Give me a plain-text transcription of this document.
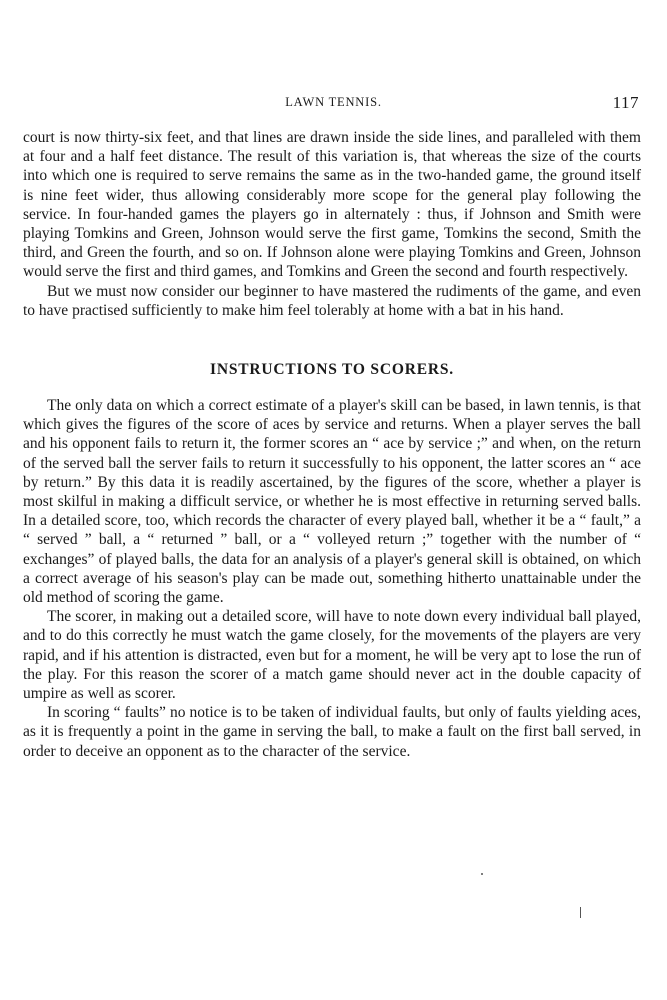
LAWN TENNIS.	117

court is now thirty-six feet, and that lines are drawn inside the side lines, and paralleled with them at four and a half feet distance. The result of this variation is, that whereas the size of the courts into which one is required to serve remains the same as in the two-handed game, the ground itself is nine feet wider, thus allowing considerably more scope for the general play following the service. In four-handed games the players go in alternately : thus, if Johnson and Smith were playing Tomkins and Green, Johnson would serve the first game, Tomkins the second, Smith the third, and Green the fourth, and so on. If Johnson alone were playing Tomkins and Green, Johnson would serve the first and third games, and Tomkins and Green the second and fourth respectively.

But we must now consider our beginner to have mastered the rudiments of the game, and even to have practised sufficiently to make him feel tolerably at home with a bat in his hand.

INSTRUCTIONS TO SCORERS.

The only data on which a correct estimate of a player's skill can be based, in lawn tennis, is that which gives the figures of the score of aces by service and returns. When a player serves the ball and his opponent fails to return it, the former scores an “ ace by service ;” and when, on the return of the served ball the server fails to return it successfully to his opponent, the latter scores an “ ace by return.” By this data it is readily ascertained, by the figures of the score, whether a player is most skilful in making a difficult service, or whether he is most effective in returning served balls. In a detailed score, too, which records the character of every played ball, whether it be a “ fault,” a “ served ” ball, a “ returned ” ball, or a “ volleyed return ;” together with the number of “ exchanges” of played balls, the data for an analysis of a player's general skill is obtained, on which a correct average of his season's play can be made out, something hitherto unattainable under the old method of scoring the game.

The scorer, in making out a detailed score, will have to note down every individual ball played, and to do this correctly he must watch the game closely, for the movements of the players are very rapid, and if his attention is distracted, even but for a moment, he will be very apt to lose the run of the play. For this reason the scorer of a match game should never act in the double capacity of umpire as well as scorer.

In scoring “ faults” no notice is to be taken of individual faults, but only of faults yielding aces, as it is frequently a point in the game in serving the ball, to make a fault on the first ball served, in order to deceive an opponent as to the character of the service.
